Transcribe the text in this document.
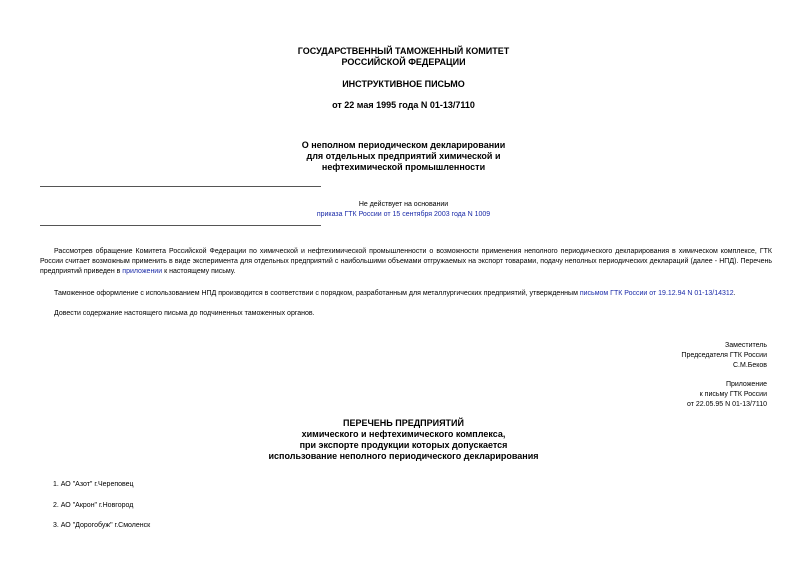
ГОСУДАРСТВЕННЫЙ ТАМОЖЕННЫЙ КОМИТЕТ
РОССИЙСКОЙ ФЕДЕРАЦИИ
ИНСТРУКТИВНОЕ ПИСЬМО
от 22 мая 1995 года N 01-13/7110
О неполном периодическом декларировании
для отдельных предприятий химической и
нефтехимической промышленности
Не действует на основании
приказа ГТК России от 15 сентября 2003 года N 1009
Рассмотрев обращение Комитета Российской Федерации по химической и нефтехимической промышленности о возможности применения неполного периодического декларирования в химическом комплексе, ГТК России считает возможным применить в виде эксперимента для отдельных предприятий с наибольшими объемами отгружаемых на экспорт товарами, подачу неполных периодических деклараций (далее - НПД). Перечень предприятий приведен в приложении к настоящему письму.
Таможенное оформление с использованием НПД производится в соответствии с порядком, разработанным для металлургических предприятий, утвержденным письмом ГТК России от 19.12.94 N 01-13/14312.
Довести содержание настоящего письма до подчиненных таможенных органов.
Заместитель
Председателя ГТК России
С.М.Беков
Приложение
к письму ГТК России
от 22.05.95 N 01-13/7110
ПЕРЕЧЕНЬ ПРЕДПРИЯТИЙ
химического и нефтехимического комплекса,
при экспорте продукции которых допускается
использование неполного периодического декларирования
1. АО "Азот" г.Череповец
2. АО "Акрон" г.Новгород
3. АО "Дорогобуж" г.Смоленск
